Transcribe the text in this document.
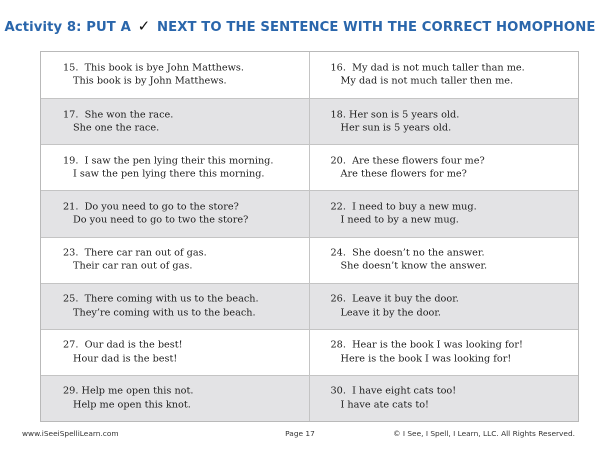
Activity 8: PUT A ✓ NEXT TO THE SENTENCE WITH THE CORRECT HOMOPHONE
15. This book is bye John Matthews.
This book is by John Matthews.
16. My dad is not much taller than me.
My dad is not much taller then me.
17. She won the race.
She one the race.
18. Her son is 5 years old.
Her sun is 5 years old.
19. I saw the pen lying their this morning.
I saw the pen lying there this morning.
20. Are these flowers four me?
Are these flowers for me?
21. Do you need to go to the store?
Do you need to go to two the store?
22. I need to buy a new mug.
I need to by a new mug.
23. There car ran out of gas.
Their car ran out of gas.
24. She doesn’t no the answer.
She doesn’t know the answer.
25. There coming with us to the beach.
They’re coming with us to the beach.
26. Leave it buy the door.
Leave it by the door.
27. Our dad is the best!
Hour dad is the best!
28. Hear is the book I was looking for!
Here is the book I was looking for!
29. Help me open this not.
Help me open this knot.
30. I have eight cats too!
I have ate cats to!
www.iSeeiSpelliLearn.com	Page 17	© I See, I Spell, I Learn, LLC. All Rights Reserved.
